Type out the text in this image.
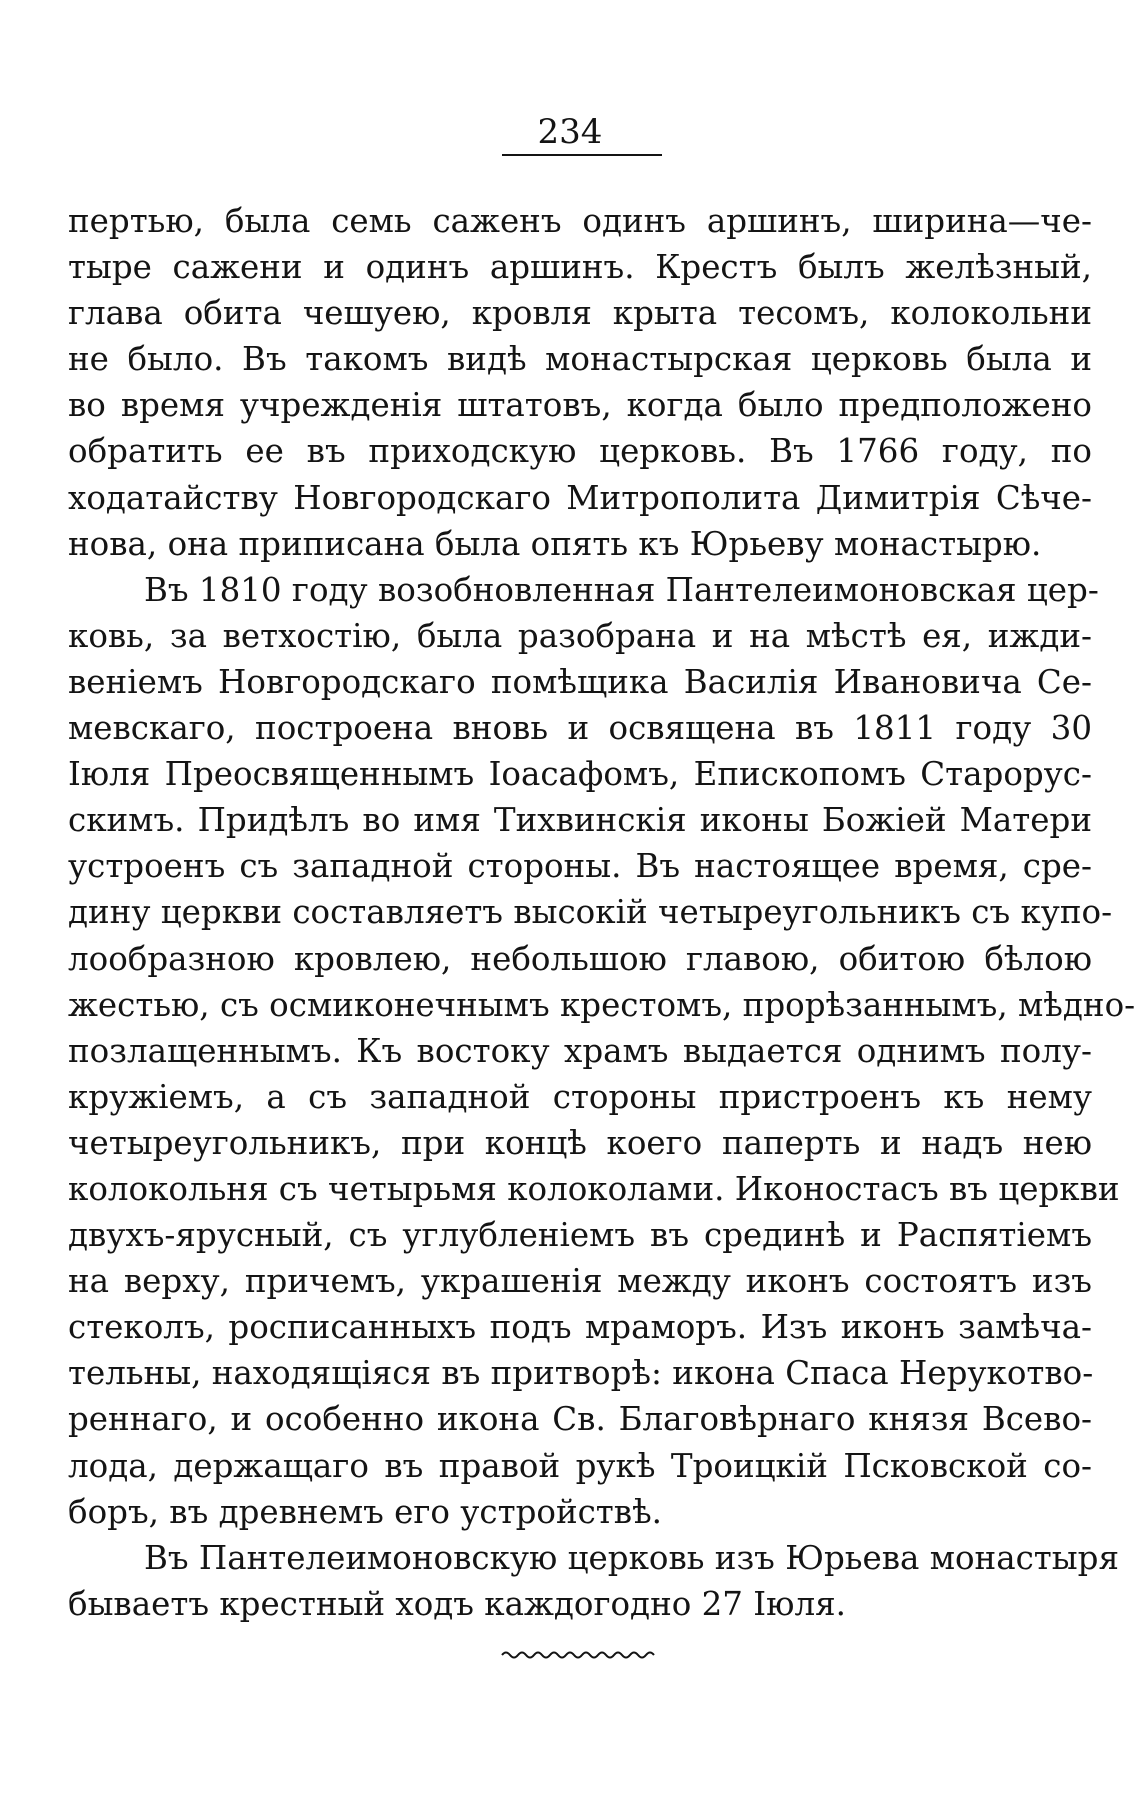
234
пертью, была семь саженъ одинъ аршинъ, ширина—че-
тыре сажени и одинъ аршинъ. Крестъ былъ желѣзный,
глава обита чешуею, кровля крыта тесомъ, колокольни
не было. Въ такомъ видѣ монастырская церковь была и
во время учрежденія штатовъ, когда было предположено
обратить ее въ приходскую церковь. Въ 1766 году, по
ходатайству Новгородскаго Митрополита Димитрія Сѣче-
нова, она приписана была опять къ Юрьеву монастырю.
Въ 1810 году возобновленная Пантелеимоновская цер-
ковь, за ветхостію, была разобрана и на мѣстѣ ея, ижди-
веніемъ Новгородскаго помѣщика Василія Ивановича Се-
мевскаго, построена вновь и освящена въ 1811 году 30
Іюля Преосвященнымъ Іоасафомъ, Епископомъ Старорус-
скимъ. Придѣлъ во имя Тихвинскія иконы Божіей Матери
устроенъ съ западной стороны. Въ настоящее время, сре-
дину церкви составляетъ высокій четыреугольникъ съ купо-
лообразною кровлею, небольшою главою, обитою бѣлою
жестью, съ осмиконечнымъ крестомъ, прорѣзаннымъ, мѣдно-
позлащеннымъ. Къ востоку храмъ выдается однимъ полу-
кружіемъ, а съ западной стороны пристроенъ къ нему
четыреугольникъ, при концѣ коего паперть и надъ нею
колокольня съ четырьмя колоколами. Иконостасъ въ церкви
двухъ-ярусный, съ углубленіемъ въ срединѣ и Распятіемъ
на верху, причемъ, украшенія между иконъ состоятъ изъ
стеколъ, росписанныхъ подъ мраморъ. Изъ иконъ замѣча-
тельны, находящіяся въ притворѣ: икона Спаса Нерукотво-
реннаго, и особенно икона Св. Благовѣрнаго князя Всево-
лода, держащаго въ правой рукѣ Троицкій Псковской со-
боръ, въ древнемъ его устройствѣ.
Въ Пантелеимоновскую церковь изъ Юрьева монастыря
бываетъ крестный ходъ каждогодно 27 Іюля.
